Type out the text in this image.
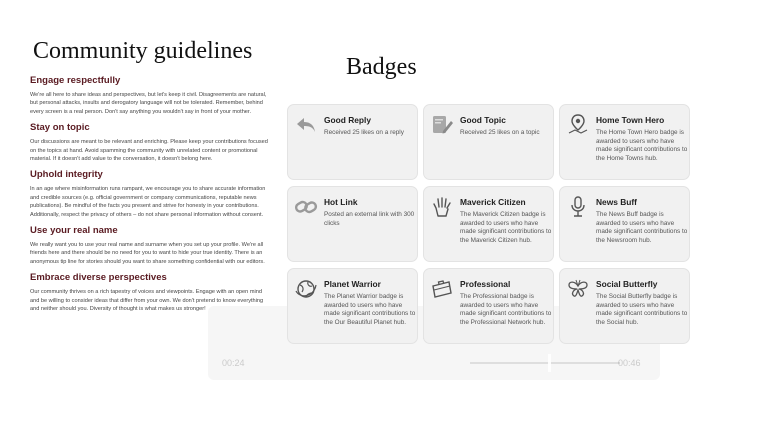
Community guidelines
Engage respectfully

We're all here to share ideas and perspectives, but let's keep it civil. Disagreements are natural, but personal attacks, insults and derogatory language will not be tolerated. Remember, behind every screen is a real person. Don't say anything you wouldn't say in front of your mother.

Stay on topic

Our discussions are meant to be relevant and enriching. Please keep your contributions focused on the topics at hand. Avoid spamming the community with unrelated content or promotional material. If it doesn't add value to the conversation, it doesn't belong here.

Uphold integrity

In an age where misinformation runs rampant, we encourage you to share accurate information and credible sources (e.g. official government or company communications, reputable news publications). Be mindful of the facts you present and strive for honesty in your contributions. Additionally, respect the privacy of others – do not share personal information without consent.

Use your real name

We really want you to use your real name and surname when you set up your profile. We're all friends here and there should be no need for you to want to hide your true identity. There is an anonymous tip line for stories should you want to share something confidential with our editors.

Embrace diverse perspectives

Our community thrives on a rich tapestry of voices and viewpoints. Engage with an open mind and be willing to consider ideas that differ from your own. We don't pretend to know everything and neither should you. Diversity of thought is what makes us stronger!

Badges
00:24	00:46
Good Reply
Received 25 likes on a reply
Good Topic
Received 25 likes on a topic
Home Town Hero
The Home Town Hero badge is awarded to users who have made significant contributions to the Home Towns hub.
Hot Link
Posted an external link with 300 clicks
Maverick Citizen
The Maverick Citizen badge is awarded to users who have made significant contributions to the Maverick Citizen hub.
News Buff
The News Buff badge is awarded to users who have made significant contributions to the Newsroom hub.
Planet Warrior
The Planet Warrior badge is awarded to users who have made significant contributions to the Our Beautiful Planet hub.
Professional
The Professional badge is awarded to users who have made significant contributions to the Professional Network hub.
Social Butterfly
The Social Butterfly badge is awarded to users who have made significant contributions to the Social hub.
